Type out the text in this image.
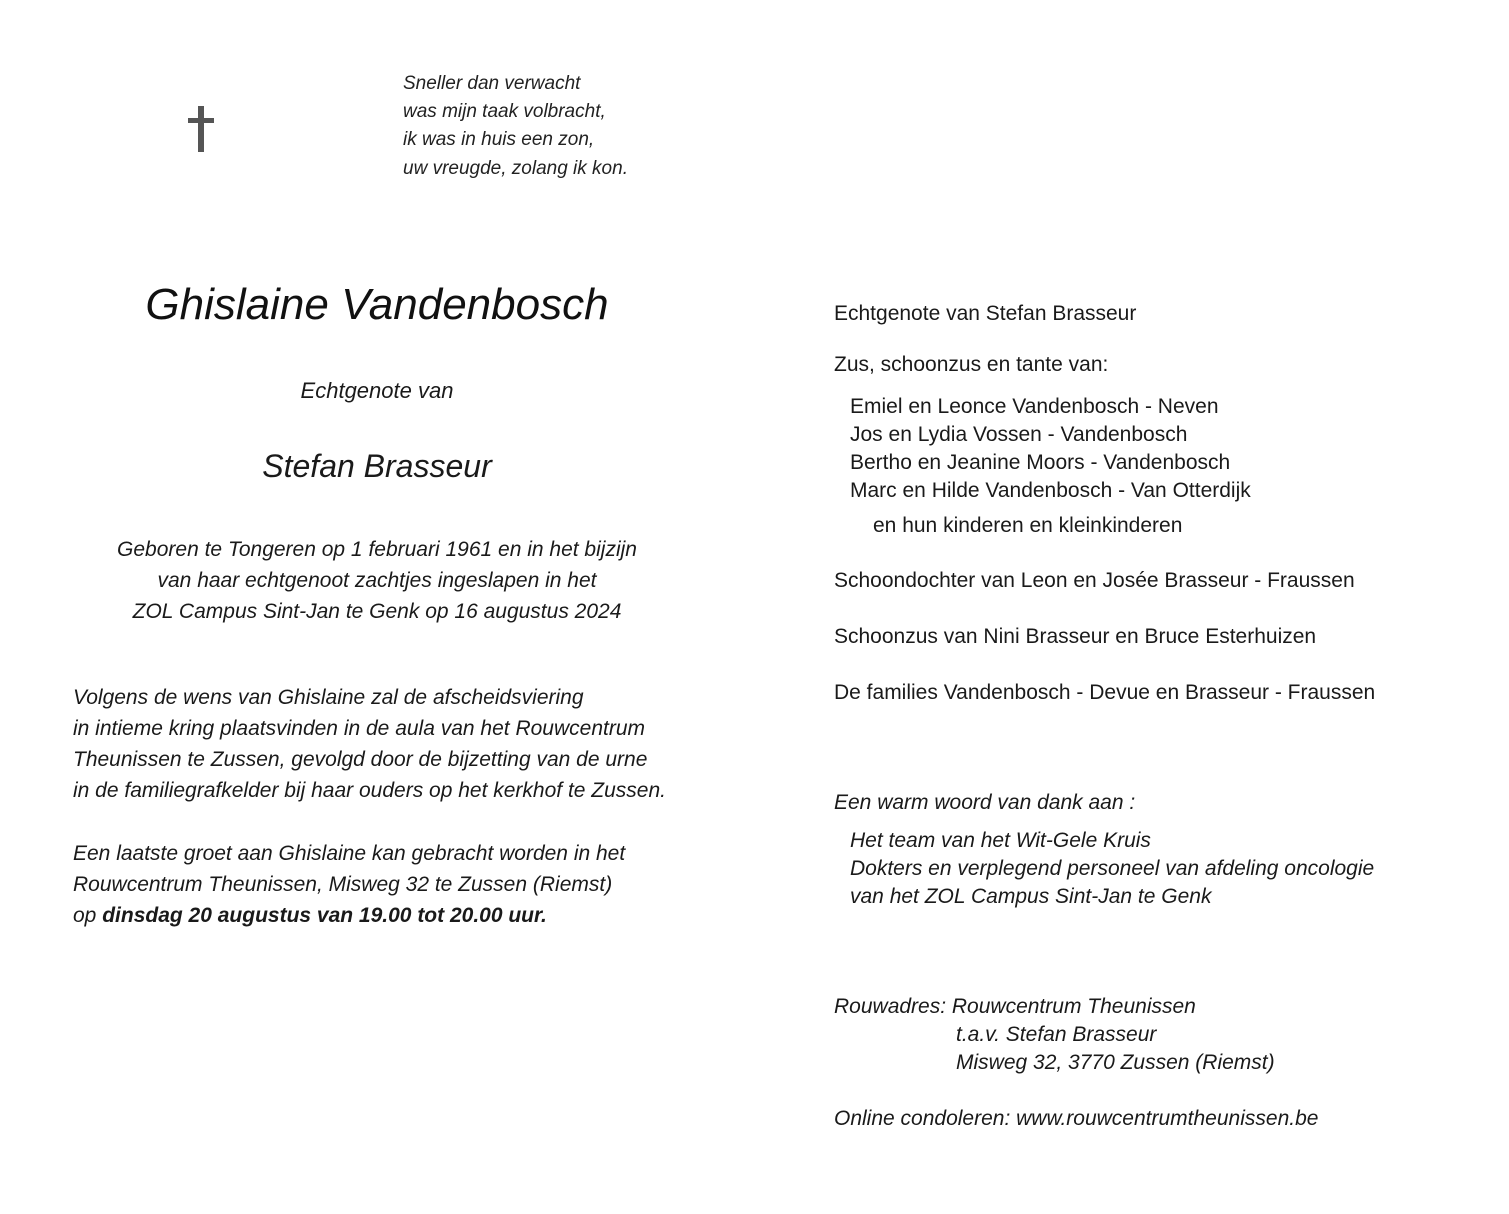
Sneller dan verwacht
was mijn taak volbracht,
ik was in huis een zon,
uw vreugde, zolang ik kon.
Ghislaine Vandenbosch
Echtgenote van
Stefan Brasseur
Geboren te Tongeren op 1 februari 1961 en in het bijzijn
van haar echtgenoot zachtjes ingeslapen in het
ZOL Campus Sint-Jan te Genk op 16 augustus 2024
Volgens de wens van Ghislaine zal de afscheidsviering
in intieme kring plaatsvinden in de aula van het Rouwcentrum
Theunissen te Zussen, gevolgd door de bijzetting van de urne
in de familiegrafkelder bij haar ouders op het kerkhof te Zussen.
Een laatste groet aan Ghislaine kan gebracht worden in het
Rouwcentrum Theunissen, Misweg 32 te Zussen (Riemst)
op dinsdag 20 augustus van 19.00 tot 20.00 uur.
Echtgenote van Stefan Brasseur
Zus, schoonzus en tante van:
Emiel en Leonce Vandenbosch - Neven
Jos en Lydia Vossen - Vandenbosch
Bertho en Jeanine Moors - Vandenbosch
Marc en Hilde Vandenbosch - Van Otterdijk
en hun kinderen en kleinkinderen
Schoondochter van Leon en Josée Brasseur - Fraussen
Schoonzus van Nini Brasseur en Bruce Esterhuizen
De families Vandenbosch - Devue en Brasseur - Fraussen
Een warm woord van dank aan :
Het team van het Wit-Gele Kruis
Dokters en verplegend personeel van afdeling oncologie
van het ZOL Campus Sint-Jan te Genk
Rouwadres: Rouwcentrum Theunissen
t.a.v. Stefan Brasseur
Misweg 32, 3770 Zussen (Riemst)
Online condoleren: www.rouwcentrumtheunissen.be
